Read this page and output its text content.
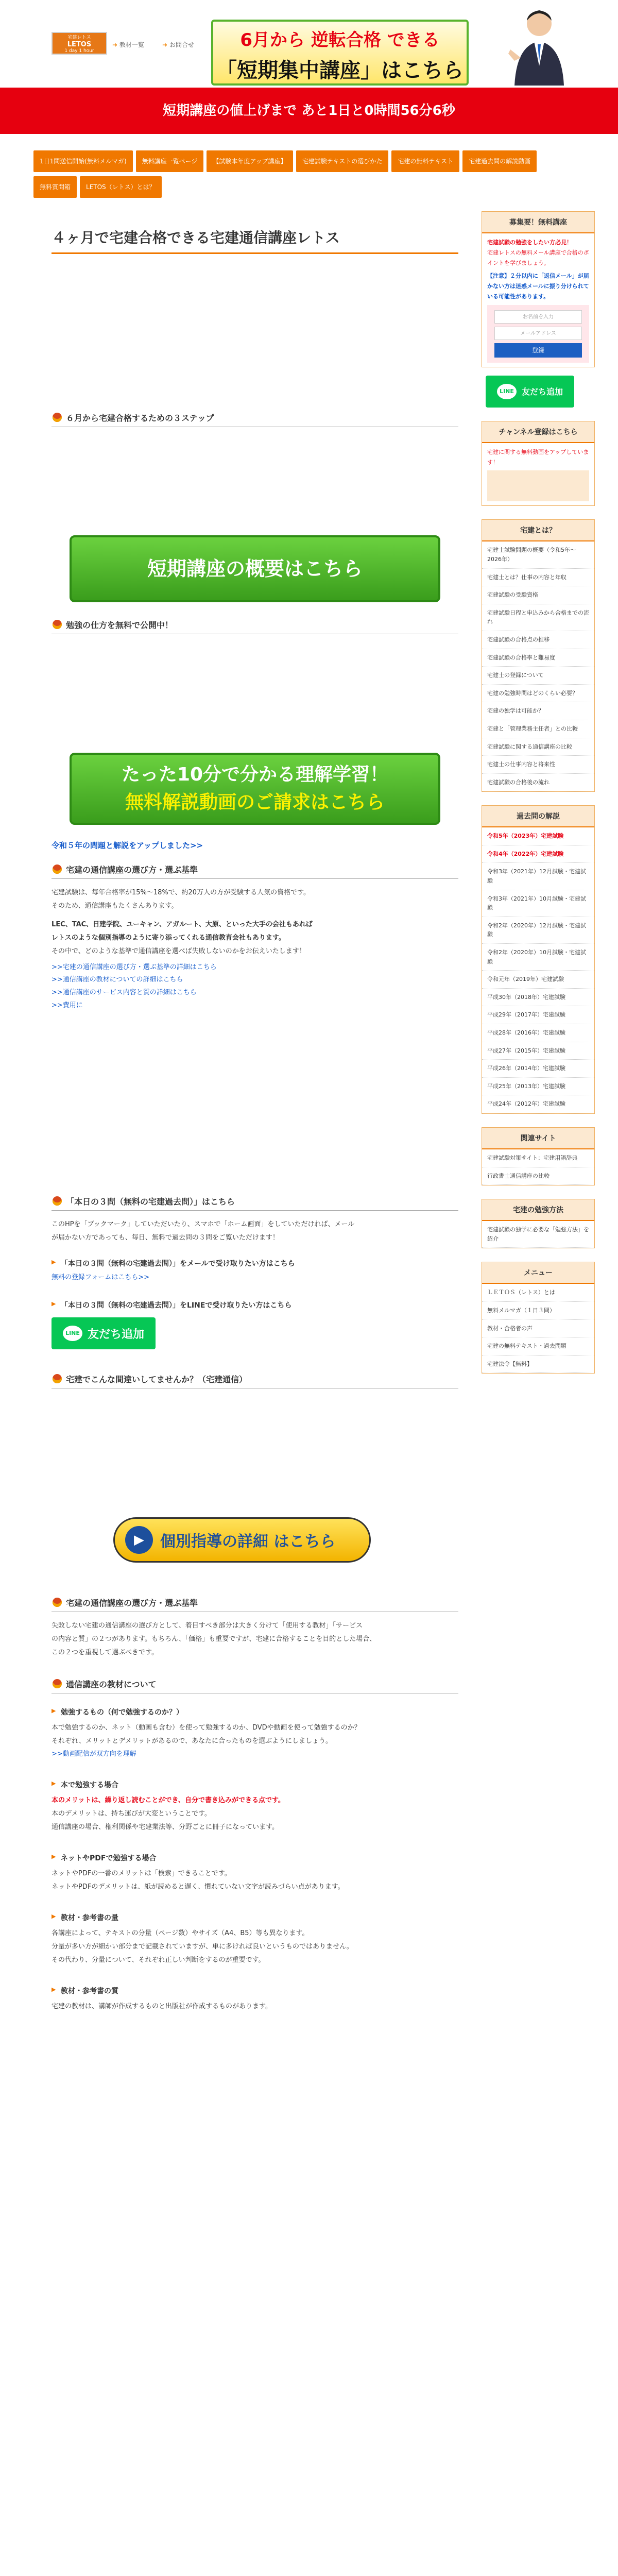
宅建レトス
LETOS
1 day 1 hour
➜ 教材一覧	➜ お問合せ	6月から 逆転合格 できる
「短期集中講座」はこちら
短期講座の値上げまで あと1日と0時間56分6秒
1日1問送信開始(無料メルマガ)	無料講座一覧ページ	【試験本年度アップ講座】	宅建試験テキストの選びかた	宅建の無料テキスト	宅建過去問の解説動画
無料質問箱	LETOS（レトス）とは？
４ヶ月で宅建合格できる宅建通信講座レトス
６月から宅建合格するための３ステップ
短期講座の概要はこちら
勉強の仕方を無料で公開中！
たった10分で分かる理解学習！
無料解説動画のご請求はこちら
令和５年の問題と解説をアップしました>>
宅建の通信講座の選び方・選ぶ基準
宅建試験は、毎年合格率が15%〜18%で、約20万人の方が受験する人気の資格です。
そのため、通信講座もたくさんあります。
LEC、TAC、日建学院、ユーキャン、アガルート、大原、といった大手の会社もあれば
レトスのような個別指導のように寄り添ってくれる通信教育会社もあります。
その中で、どのような基準で通信講座を選べば失敗しないのかをお伝えいたします！
>>宅建の通信講座の選び方・選ぶ基準の詳細はこちら
>>通信講座の教材についての詳細はこちら
>>通信講座のサービス内容と質の詳細はこちら
>>費用に
「本日の３問（無料の宅建過去問）」はこちら
このHPを「ブックマーク」していただいたり、スマホで「ホーム画面」をしていただければ、メール
が届かない方であっても、毎日、無料で過去問の３問をご覧いただけます！
▶ 「本日の３問（無料の宅建過去問）」をメールで受け取りたい方はこちら
無料の登録フォームはこちら>>
▶ 「本日の３問（無料の宅建過去問）」をLINEで受け取りたい方はこちら
LINE 友だち追加
宅建でこんな間違いしてませんか？（宅建通信）
▶	個別指導の詳細 はこちら
宅建の通信講座の選び方・選ぶ基準
失敗しない宅建の通信講座の選び方として、着目すべき部分は大きく分けて「使用する教材」「サービス
の内容と質」の２つがあります。もちろん、「価格」も重要ですが、宅建に合格することを目的とした場合、
この２つを重視して選ぶべきです。
通信講座の教材について
▶ 勉強するもの（何で勉強するのか？）
本で勉強するのか、ネット（動画も含む）を使って勉強するのか、DVDや動画を使って勉強するのか？
それぞれ、メリットとデメリットがあるので、あなたに合ったものを選ぶようにしましょう。
>>動画配信が双方向を理解
▶ 本で勉強する場合
本のメリットは、繰り返し読むことができ、自分で書き込みができる点です。
本のデメリットは、持ち運びが大変ということです。
通信講座の場合、権利関係や宅建業法等、分野ごとに冊子になっています。
▶ ネットやPDFで勉強する場合
ネットやPDFの一番のメリットは「検索」できることです。
ネットやPDFのデメリットは、紙が読めると遅く、慣れていない文字が読みづらい点があります。
▶ 教材・参考書の量
各講座によって、テキストの分量（ページ数）やサイズ（A4、B5）等も異なります。
分量が多い方が細かい部分まで記載されていますが、単に多ければ良いというものではありません。
その代わり、分量について、それぞれ正しい判断をするのが重要です。
▶ 教材・参考書の質
宅建の教材は、講師が作成するものと出版社が作成するものがあります。
募集要！無料講座
宅建試験の勉強をしたい方必見！
宅建レトスの無料メール講座で合格のポイントを学びましょう。
【注意】２分以内に「返信メール」が届かない方は迷惑メールに振り分けられている可能性があります。
お名前を入力
メールアドレス
登録
LINE 友だち追加
チャンネル登録はこちら
宅建に関する無料動画をアップしています！
宅建とは？
宅建士試験問題の概要（令和5年〜2026年）
宅建士とは？仕事の内容と年収
宅建試験の受験資格
宅建試験日程と申込みから合格までの流れ
宅建試験の合格点の推移
宅建試験の合格率と難易度
宅建士の登録について
宅建の勉強時間はどのくらい必要？
宅建の独学は可能か？
宅建と「管理業務主任者」との比較
宅建試験に関する通信講座の比較
宅建士の仕事内容と将来性
宅建試験の合格後の流れ
過去問の解説
令和5年（2023年）宅建試験
令和4年（2022年）宅建試験
令和3年（2021年）12月試験・宅建試験
令和3年（2021年）10月試験・宅建試験
令和2年（2020年）12月試験・宅建試験
令和2年（2020年）10月試験・宅建試験
令和元年（2019年）宅建試験
平成30年（2018年）宅建試験
平成29年（2017年）宅建試験
平成28年（2016年）宅建試験
平成27年（2015年）宅建試験
平成26年（2014年）宅建試験
平成25年（2013年）宅建試験
平成24年（2012年）宅建試験
関連サイト
宅建試験対策サイト：宅建用語辞典
行政書士通信講座の比較
宅建の勉強方法
宅建試験の独学に必要な「勉強方法」を紹介
メニュー
ＬＥＴＯＳ（レトス）とは
無料メルマガ（１日３問）
教材・合格者の声
宅建の無料テキスト・過去問題
宅建法令【無料】
